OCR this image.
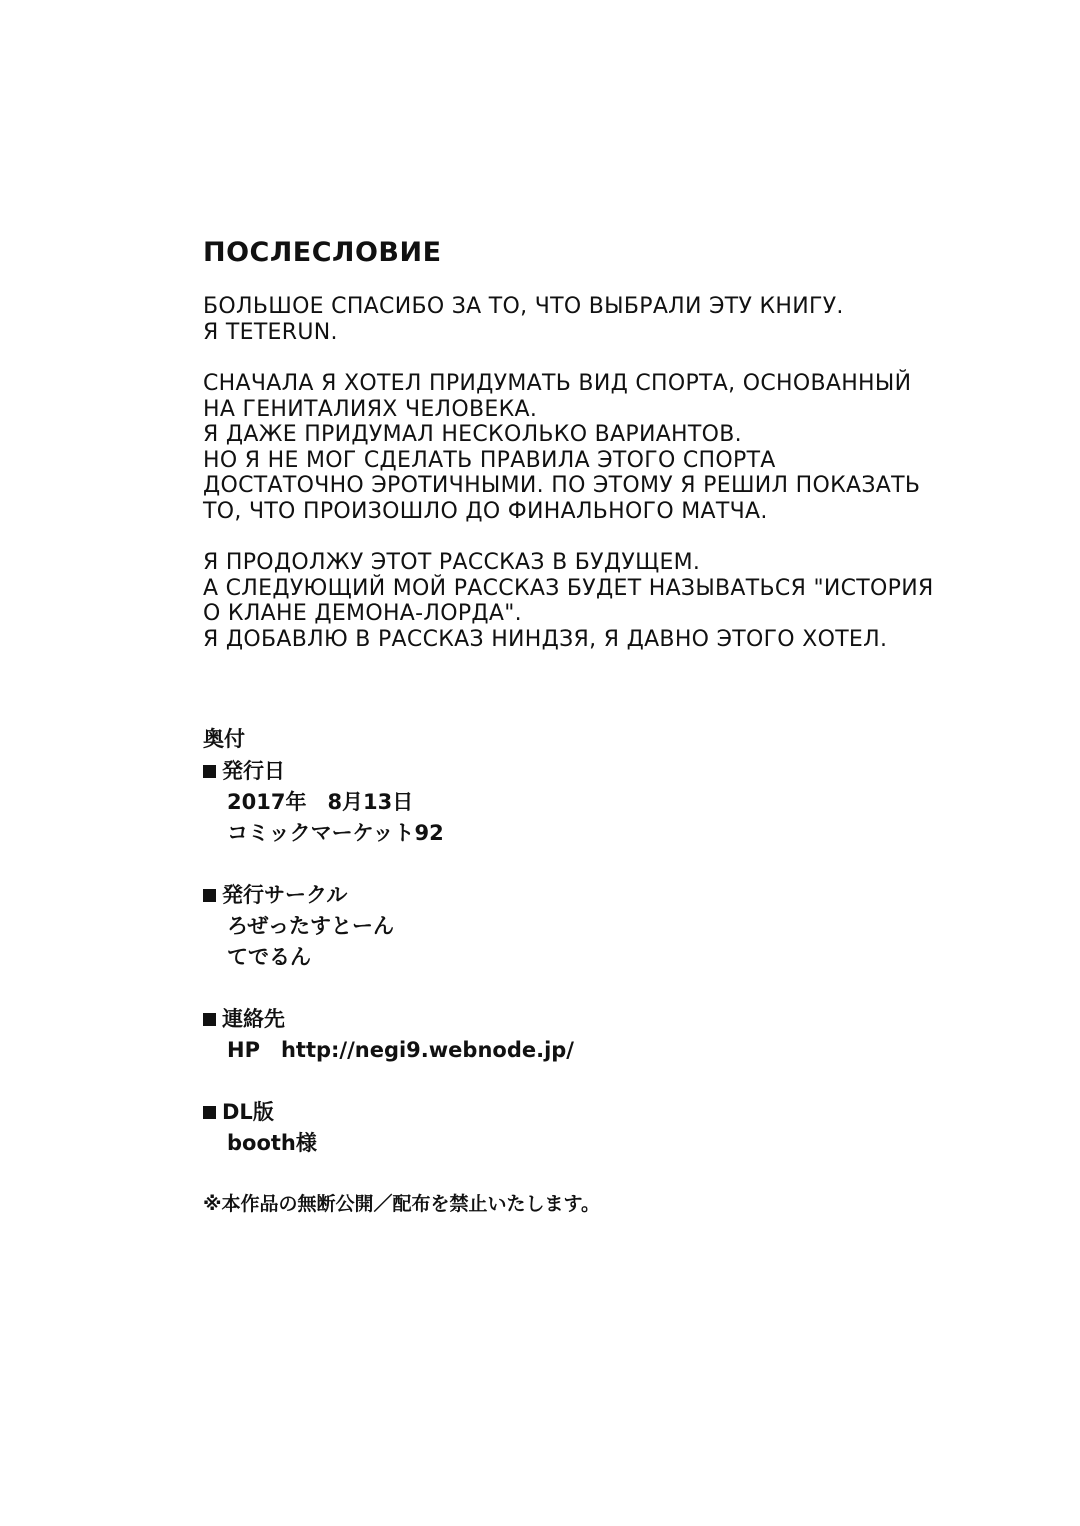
ПОСЛЕСЛОВИЕ
БОЛЬШОЕ СПАСИБО ЗА ТО, ЧТО ВЫБРАЛИ ЭТУ КНИГУ.
Я TETERUN.
СНАЧАЛА Я ХОТЕЛ ПРИДУМАТЬ ВИД СПОРТА, ОСНОВАННЫЙ
НА ГЕНИТАЛИЯХ ЧЕЛОВЕКА.
Я ДАЖЕ ПРИДУМАЛ НЕСКОЛЬКО ВАРИАНТОВ.
НО Я НЕ МОГ СДЕЛАТЬ ПРАВИЛА ЭТОГО СПОРТА
ДОСТАТОЧНО ЭРОТИЧНЫМИ. ПО ЭТОМУ Я РЕШИЛ ПОКАЗАТЬ
ТО, ЧТО ПРОИЗОШЛО ДО ФИНАЛЬНОГО МАТЧА.
Я ПРОДОЛЖУ ЭТОТ РАССКАЗ В БУДУЩЕМ.
А СЛЕДУЮЩИЙ МОЙ РАССКАЗ БУДЕТ НАЗЫВАТЬСЯ "ИСТОРИЯ
О КЛАНЕ ДЕМОНА-ЛОРДА".
Я ДОБАВЛЮ В РАССКАЗ НИНДЗЯ, Я ДАВНО ЭТОГО ХОТЕЛ.
奥付
発行日
2017年　8月13日
コミックマーケット92
発行サークル
ろぜったすとーん
てでるん
連絡先
HP　http://negi9.webnode.jp/
DL版
booth様
※本作品の無断公開／配布を禁止いたします。
